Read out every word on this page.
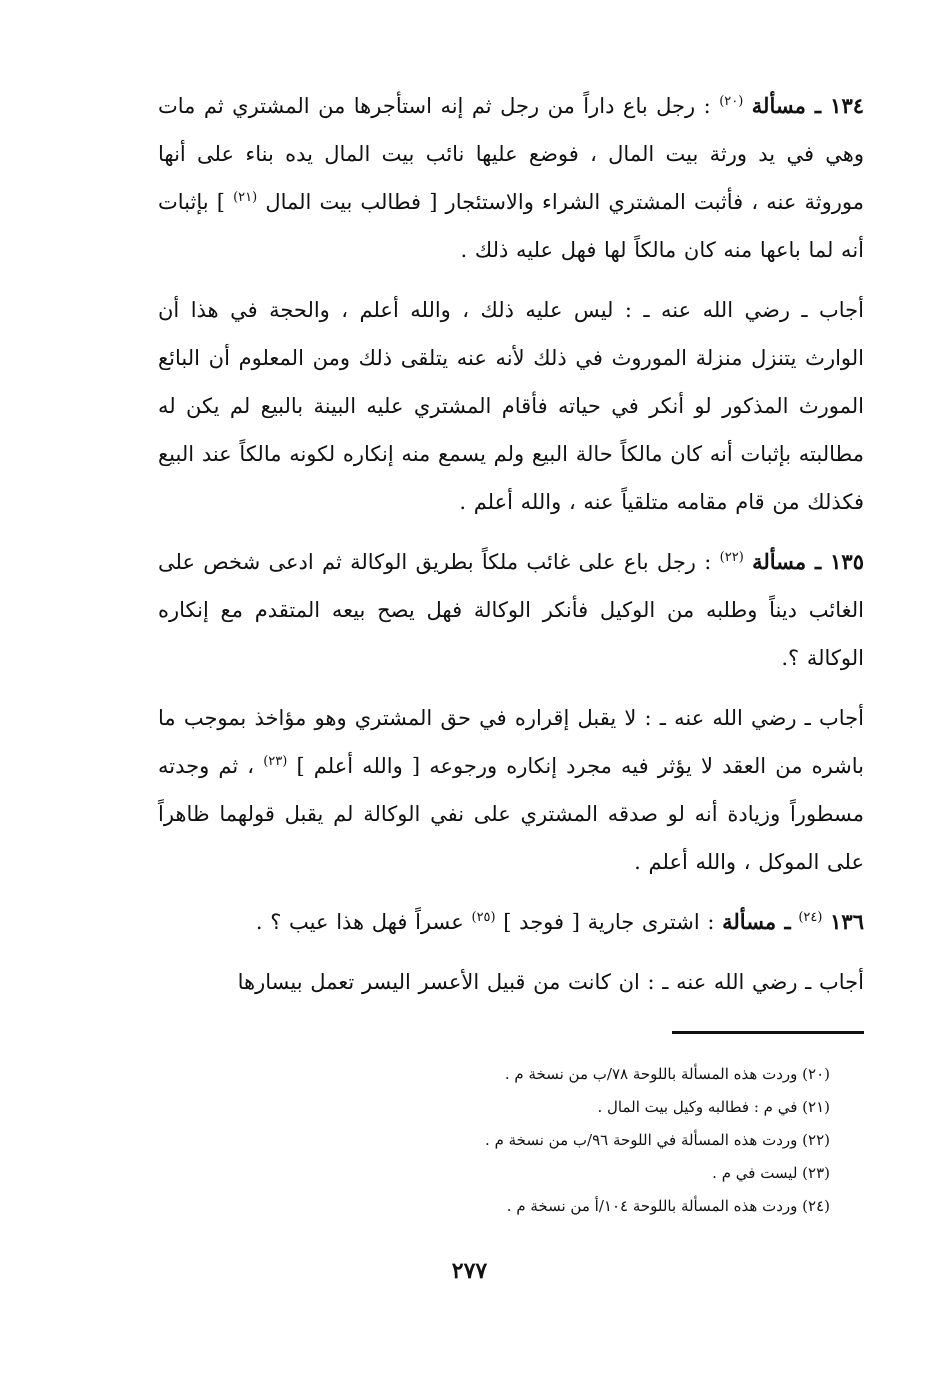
١٣٤ ـ مسألة $^{(٢٠)}$ : رجل باع داراً من رجل ثم إنه استأجرها من المشتري ثم مات وهي في يد ورثة بيت المال ، فوضع عليها نائب بيت المال يده بناء على أنها موروثة عنه ، فأثبت المشتري الشراء والاستئجار [ فطالب بيت المال $^{(٢١)}$ ] بإثبات أنه لما باعها منه كان مالكاً لها فهل عليه ذلك .

أجاب ـ رضي الله عنه ـ : ليس عليه ذلك ، والله أعلم ، والحجة في هذا أن الوارث يتنزل منزلة الموروث في ذلك لأنه عنه يتلقى ذلك ومن المعلوم أن البائع المورث المذكور لو أنكر في حياته فأقام المشتري عليه البينة بالبيع لم يكن له مطالبته بإثبات أنه كان مالكاً حالة البيع ولم يسمع منه إنكاره لكونه مالكاً عند البيع فكذلك من قام مقامه متلقياً عنه ، والله أعلم .

١٣٥ ـ مسألة $^{(٢٢)}$ : رجل باع على غائب ملكاً بطريق الوكالة ثم ادعى شخص على الغائب ديناً وطلبه من الوكيل فأنكر الوكالة فهل يصح بيعه المتقدم مع إنكاره الوكالة ؟.

أجاب ـ رضي الله عنه ـ : لا يقبل إقراره في حق المشتري وهو مؤاخذ بموجب ما باشره من العقد لا يؤثر فيه مجرد إنكاره ورجوعه [ والله أعلم ] $^{(٢٣)}$ ، ثم وجدته مسطوراً وزيادة أنه لو صدقه المشتري على نفي الوكالة لم يقبل قولهما ظاهراً على الموكل ، والله أعلم .

١٣٦ $^{(٢٤)}$ ـ مسألة : اشترى جارية [ فوجد ] $^{(٢٥)}$ عسراً فهل هذا عيب ؟ .

أجاب ـ رضي الله عنه ـ : ان كانت من قبيل الأعسر اليسر تعمل بيسارها

(٢٠) وردت هذه المسألة باللوحة ٧٨/ب من نسخة م .
(٢١) في م : فطالبه وكيل بيت المال .
(٢٢) وردت هذه المسألة في اللوحة ٩٦/ب من نسخة م .
(٢٣) ليست في م .
(٢٤) وردت هذه المسألة باللوحة ١٠٤/أ من نسخة م .
٢٧٧
